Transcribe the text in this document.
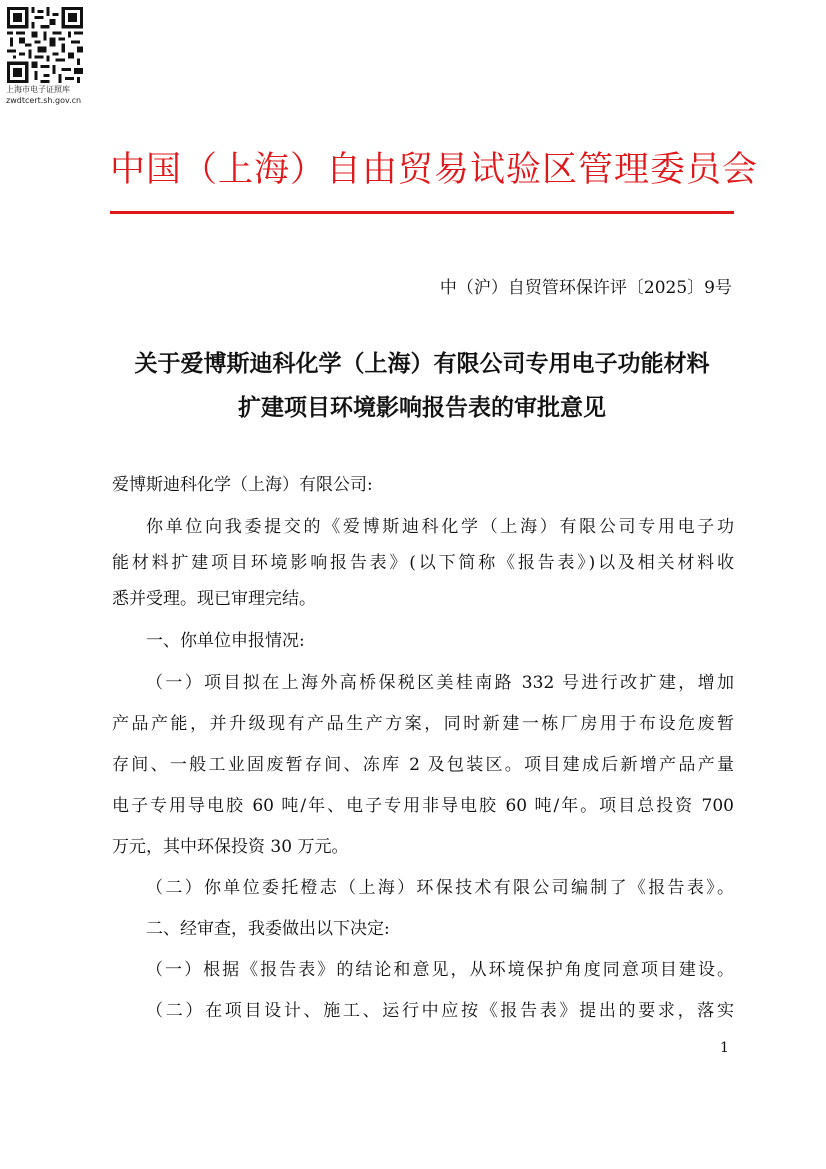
上海市电子证照库
zwdtcert.sh.gov.cn
中国（上海）自由贸易试验区管理委员会
中（沪）自贸管环保许评〔2025〕9号
关于爱博斯迪科化学（上海）有限公司专用电子功能材料
扩建项目环境影响报告表的审批意见
爱博斯迪科化学（上海）有限公司:
你单位向我委提交的《爱博斯迪科化学（上海）有限公司专用电子功
能材料扩建项目环境影响报告表》(以下简称《报告表》)以及相关材料收
悉并受理。现已审理完结。
一、你单位申报情况:
（一）项目拟在上海外高桥保税区美桂南路 332 号进行改扩建，增加
产品产能，并升级现有产品生产方案，同时新建一栋厂房用于布设危废暂
存间、一般工业固废暂存间、冻库 2 及包装区。项目建成后新增产品产量
电子专用导电胶 60 吨/年、电子专用非导电胶 60 吨/年。项目总投资 700
万元，其中环保投资 30 万元。
（二）你单位委托橙志（上海）环保技术有限公司编制了《报告表》。
二、经审查，我委做出以下决定:
（一）根据《报告表》的结论和意见，从环境保护角度同意项目建设。
（二）在项目设计、施工、运行中应按《报告表》提出的要求，落实
1
